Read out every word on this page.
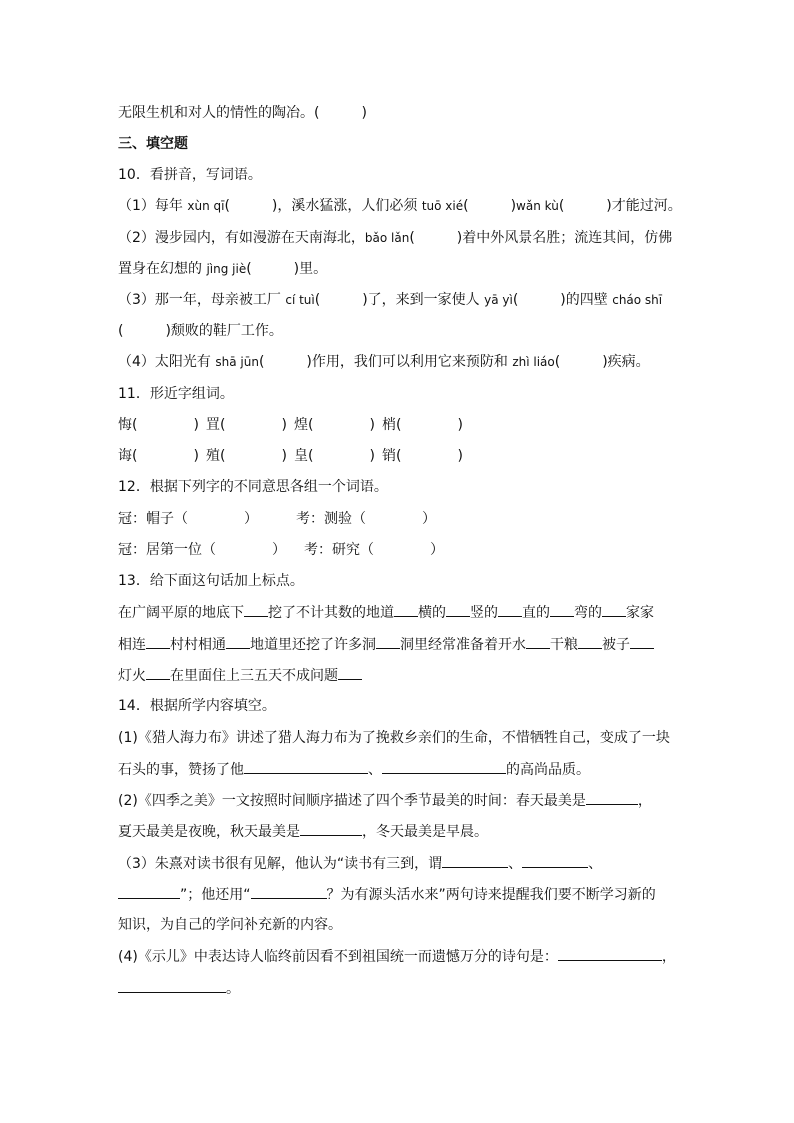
无限生机和对人的情性的陶冶。(　　　)
三、填空题
10．看拼音，写词语。
（1）每年 xùn qī(　　　)，溪水猛涨，人们必须 tuō xié(　　　)wǎn kù(　　　)才能过河。
（2）漫步园内，有如漫游在天南海北，bǎo lǎn(　　　)着中外风景名胜；流连其间，仿佛
置身在幻想的 jìng jiè(　　　)里。
（3）那一年，母亲被工厂 cí tuì(　　　)了，来到一家使人 yā yì(　　　)的四壁 cháo shī
(　　　)颓败的鞋厂工作。
（4）太阳光有 shā jūn(　　　)作用，我们可以利用它来预防和 zhì liáo(　　　)疾病。
11．形近字组词。
悔(　　　　) 罝(　　　　) 煌(　　　　) 梢(　　　　)
诲(　　　　) 殖(　　　　) 皇(　　　　) 销(　　　　)
12．根据下列字的不同意思各组一个词语。
冠：帽子（　　　　）	考：测验（　　　　）
冠：居第一位（　　　　） 考：研究（　　　　）
13．给下面这句话加上标点。
在广阔平原的地底下 挖了不计其数的地道 横的 竖的 直的 弯的 家家
相连 村村相通 地道里还挖了许多洞 洞里经常准备着开水 干粮 被子
灯火 在里面住上三五天不成问题
14．根据所学内容填空。
(1)《猎人海力布》讲述了猎人海力布为了挽救乡亲们的生命，不惜牺牲自己，变成了一块
石头的事，赞扬了他	、	的高尚品质。
(2)《四季之美》一文按照时间顺序描述了四个季节最美的时间：春天最美是	，
夏天最美是夜晚，秋天最美是	，冬天最美是早晨。
（3）朱熹对读书很有见解，他认为“读书有三到，谓	、	、
”；他还用“	？为有源头活水来”两句诗来提醒我们要不断学习新的
知识，为自己的学问补充新的内容。
(4)《示儿》中表达诗人临终前因看不到祖国统一而遗憾万分的诗句是：	，
。
